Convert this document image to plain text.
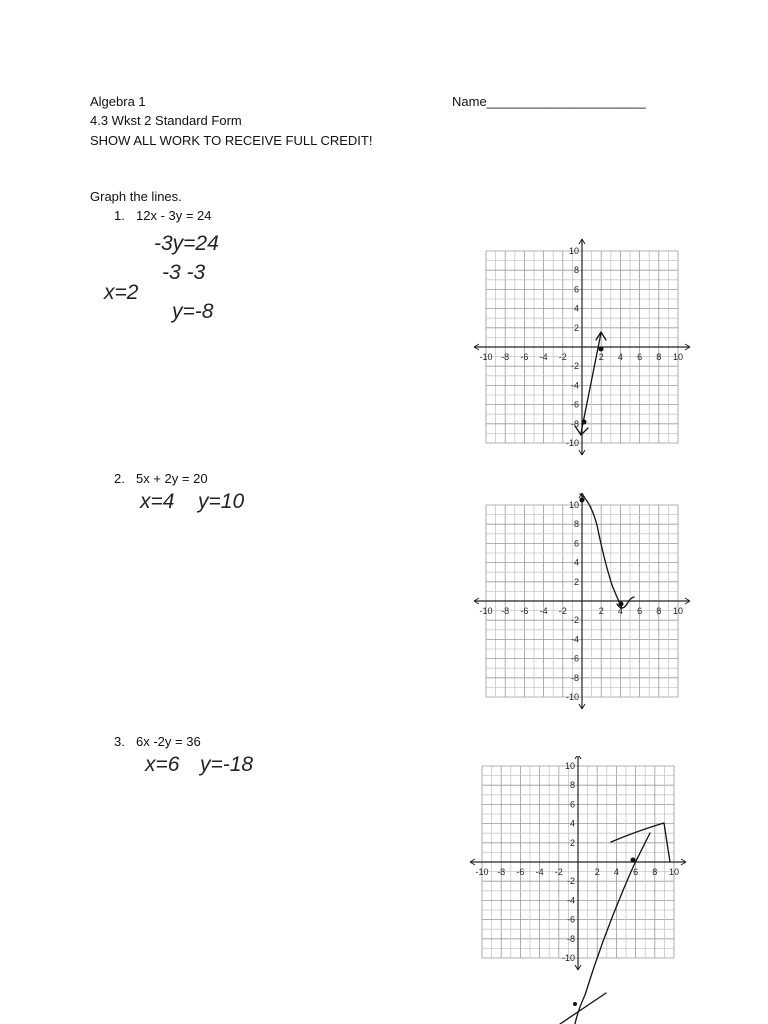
Algebra 1	Name______________________
4.3 Wkst 2 Standard Form
SHOW ALL WORK TO RECEIVE FULL CREDIT!
Graph the lines.
1. 12x - 3y = 24
2. 5x + 2y = 20
3. 6x -2y = 36
-3y=24
-3 -3
x=2
y=-8
x=4 y=10
x=6 y=-18
-10
-10
-8
-8
-6
-6
-4
-4
-2
-2
2
2
4
4
6
6
8
8
10
10
-10
-10
-8
-8
-6
-6
-4
-4
-2
-2
2
2
4
4
6
6
8
8
10
10
-10
-10
-8
-8
-6
-6
-4
-4
-2
-2
2
2
4
4
6
6
8
8
10
10
